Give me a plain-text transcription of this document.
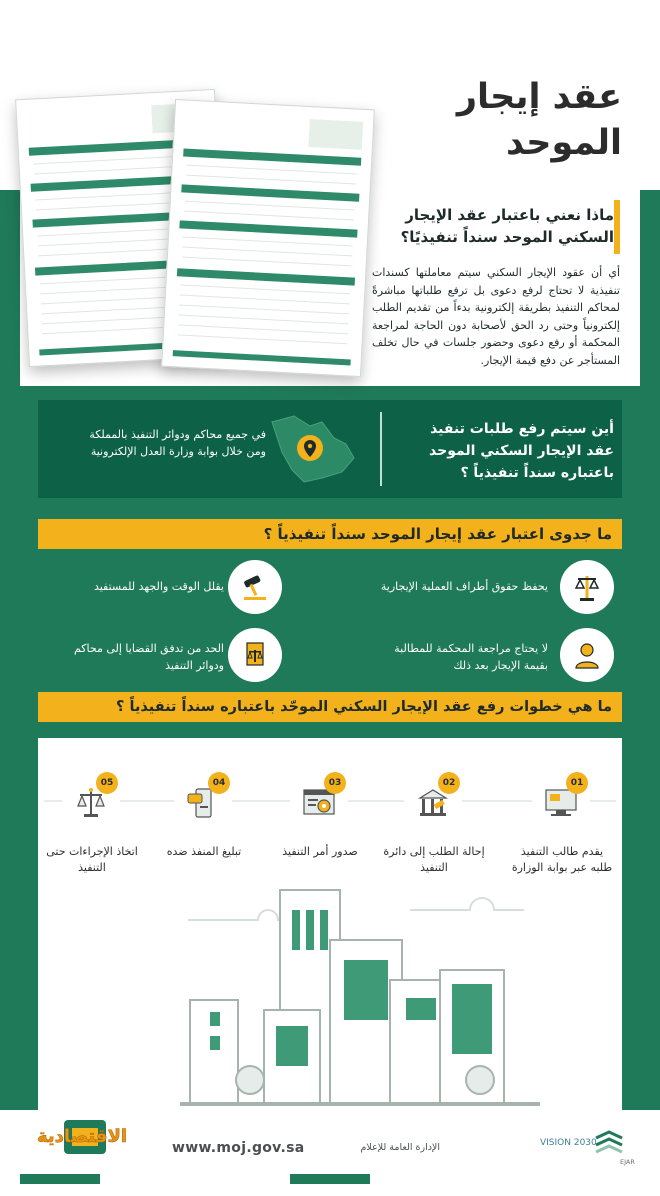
عقد إيجار
الموحد
ماذا نعني باعتبار عقد الإيجار السكني الموحد سنداً تنفيذيًا؟
أي أن عقود الإيجار السكني سيتم معاملتها كسندات تنفيذية لا تحتاج لرفع دعوى بل ترفع طلباتها مباشرةً لمحاكم التنفيذ بطريقة إلكترونية بدءاً من تقديم الطلب إلكترونياً وحتى رد الحق لأصحابة دون الحاجة لمراجعة المحكمة أو رفع دعوى وحضور جلسات في حال تخلف المستأجر عن دفع قيمة الإيجار.
أين سيتم رفع طلبات تنفيذ عقد الإيجار السكني الموحد باعتباره سنداً تنفيذياً ؟
في جميع محاكم ودوائر التنفيذ بالمملكة ومن خلال بوابة وزارة العدل الإلكترونية
ما جدوى اعتبار عقد إيجار الموحد سنداً تنفيذياً ؟
يحفظ حقوق أطراف العملية الإيجارية
يقلل الوقت والجهد للمستفيد
لا يحتاج مراجعة المحكمة للمطالبة بقيمة الإيجار بعد ذلك
الحد من تدفق القضايا إلى محاكم ودوائر التنفيذ
ما هي خطوات رفع عقد الإيجار السكني الموحّد باعتباره سنداً تنفيذياً ؟
01
يقدم طالب التنفيذ طلبه عبر بوابة الوزارة
02
إحالة الطلب إلى دائرة التنفيذ
03
صدور أمر التنفيذ
04
تبليغ المنفذ ضده
05
اتخاذ الإجراءات حتى التنفيذ
الاقتصادية
www.moj.gov.sa	الإدارة العامة للإعلام	VISION 2030
EJAR
